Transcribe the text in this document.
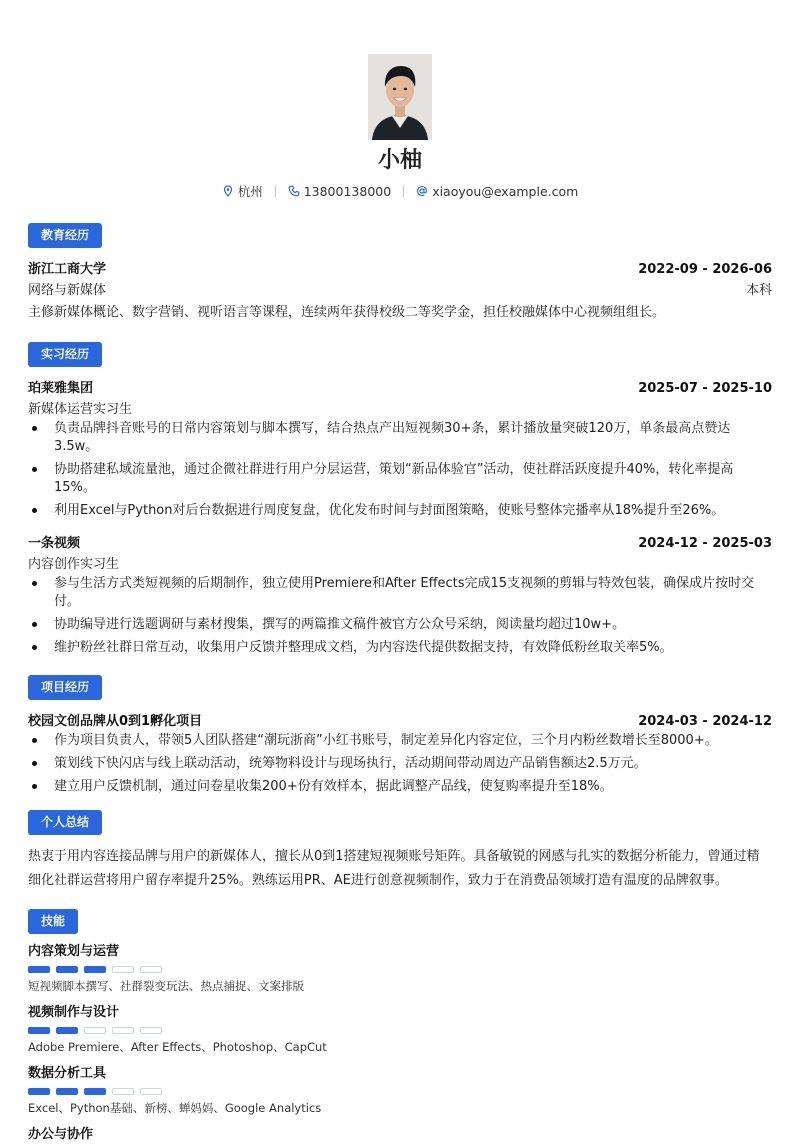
小柚
杭州	13800138000	xiaoyou@example.com
教育经历
浙江工商大学	2022-09 - 2026-06
网络与新媒体	本科
主修新媒体概论、数字营销、视听语言等课程，连续两年获得校级二等奖学金，担任校融媒体中心视频组组长。
实习经历
珀莱雅集团	2025-07 - 2025-10
新媒体运营实习生
负责品牌抖音账号的日常内容策划与脚本撰写，结合热点产出短视频30+条，累计播放量突破120万，单条最高点赞达3.5w。
协助搭建私域流量池，通过企微社群进行用户分层运营，策划“新品体验官”活动，使社群活跃度提升40%，转化率提高15%。
利用Excel与Python对后台数据进行周度复盘，优化发布时间与封面图策略，使账号整体完播率从18%提升至26%。
一条视频	2024-12 - 2025-03
内容创作实习生
参与生活方式类短视频的后期制作，独立使用Premiere和After Effects完成15支视频的剪辑与特效包装，确保成片按时交付。
协助编导进行选题调研与素材搜集，撰写的两篇推文稿件被官方公众号采纳，阅读量均超过10w+。
维护粉丝社群日常互动，收集用户反馈并整理成文档，为内容迭代提供数据支持，有效降低粉丝取关率5%。
项目经历
校园文创品牌从0到1孵化项目	2024-03 - 2024-12
作为项目负责人，带领5人团队搭建“潮玩浙商”小红书账号，制定差异化内容定位，三个月内粉丝数增长至8000+。
策划线下快闪店与线上联动活动，统筹物料设计与现场执行，活动期间带动周边产品销售额达2.5万元。
建立用户反馈机制，通过问卷星收集200+份有效样本，据此调整产品线，使复购率提升至18%。
个人总结
热衷于用内容连接品牌与用户的新媒体人，擅长从0到1搭建短视频账号矩阵。具备敏锐的网感与扎实的数据分析能力，曾通过精细化社群运营将用户留存率提升25%。熟练运用PR、AE进行创意视频制作，致力于在消费品领域打造有温度的品牌叙事。
技能
内容策划与运营
短视频脚本撰写、社群裂变玩法、热点捕捉、文案排版
视频制作与设计
Adobe Premiere、After Effects、Photoshop、CapCut
数据分析工具
Excel、Python基础、新榜、蝉妈妈、Google Analytics
办公与协作
